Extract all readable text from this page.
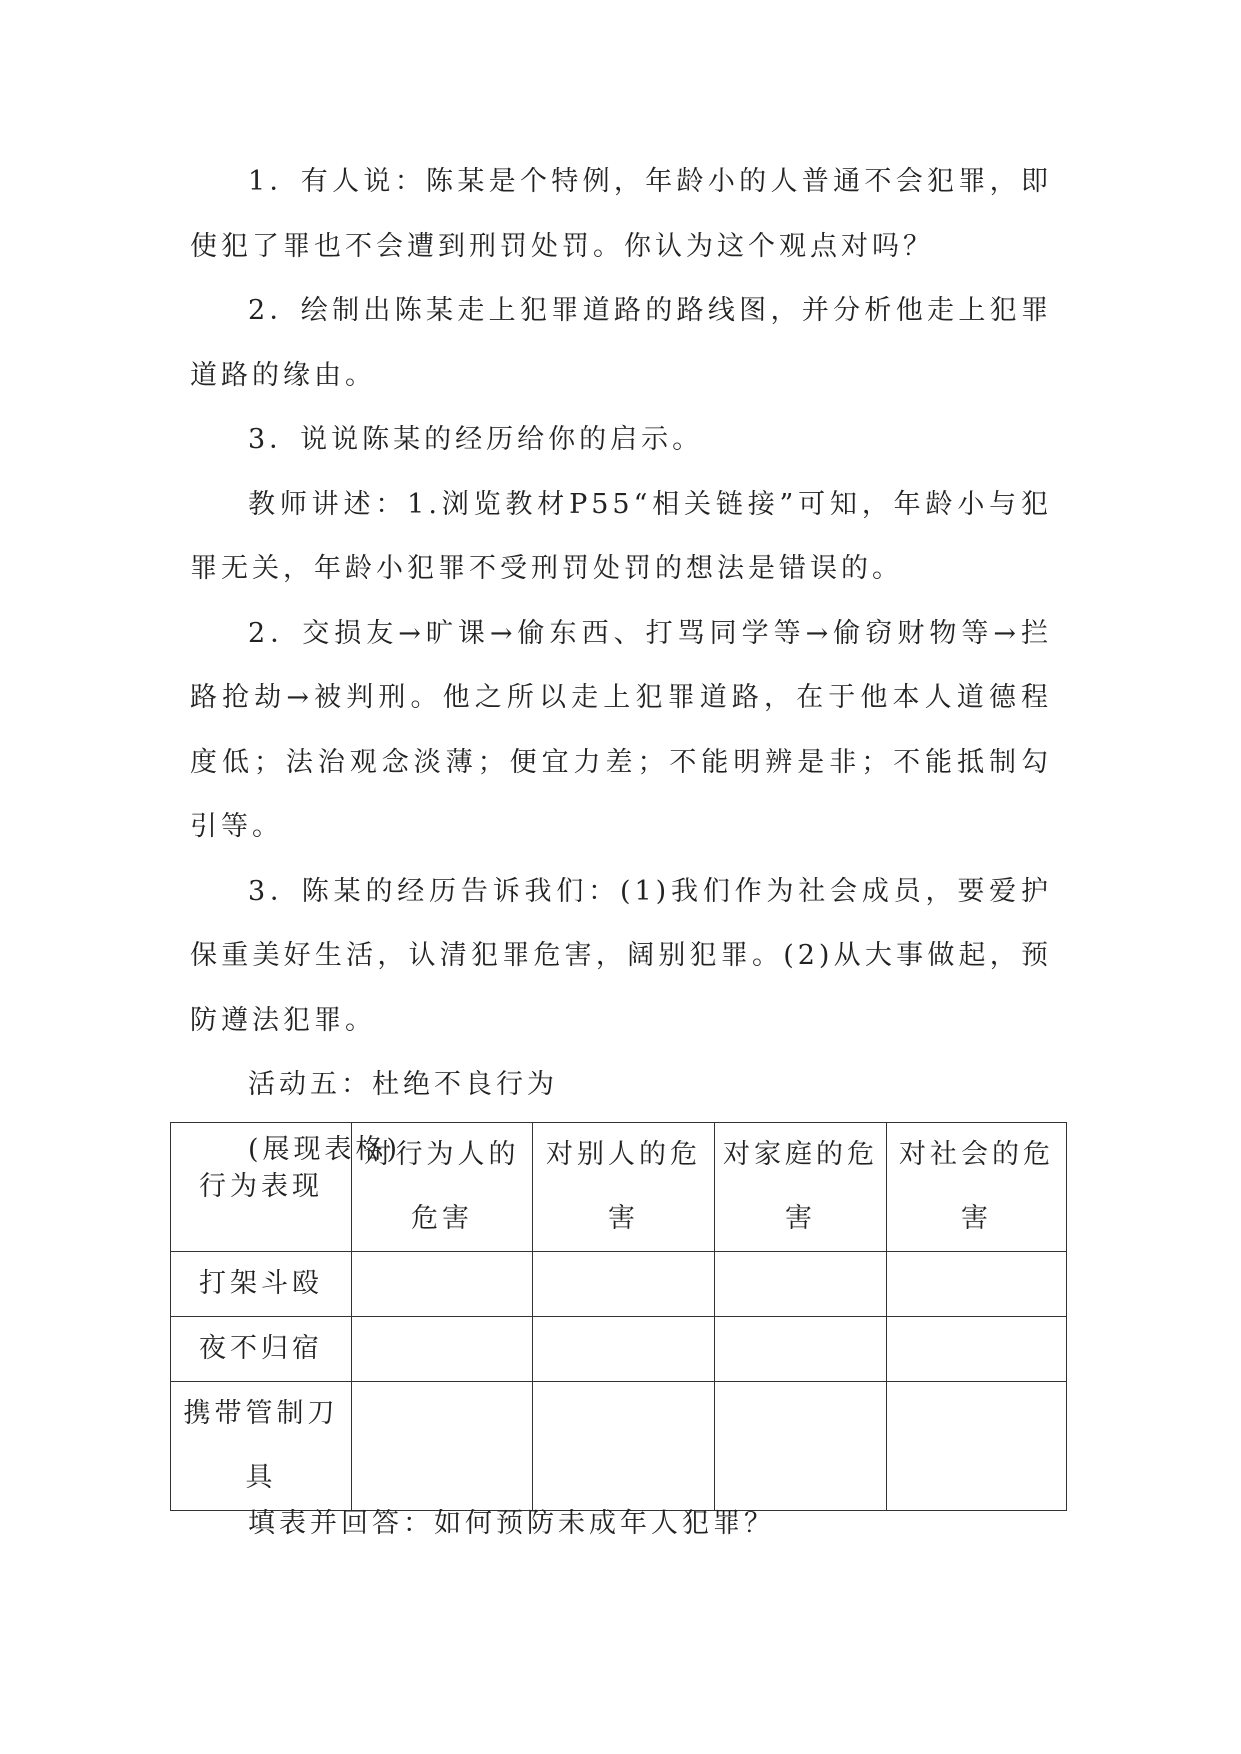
1．有人说：陈某是个特例，年龄小的人普通不会犯罪，即使犯了罪也不会遭到刑罚处罚。你认为这个观点对吗？

2．绘制出陈某走上犯罪道路的路线图，并分析他走上犯罪道路的缘由。

3．说说陈某的经历给你的启示。

教师讲述：1.浏览教材P55“相关链接”可知，年龄小与犯罪无关，年龄小犯罪不受刑罚处罚的想法是错误的。

2．交损友→旷课→偷东西、打骂同学等→偷窃财物等→拦路抢劫→被判刑。他之所以走上犯罪道路，在于他本人道德程度低；法治观念淡薄；便宜力差；不能明辨是非；不能抵制勾引等。

3．陈某的经历告诉我们：(1)我们作为社会成员，要爱护保重美好生活，认清犯罪危害，阔别犯罪。(2)从大事做起，预防遵法犯罪。

活动五：杜绝不良行为

(展现表格)

行为表现	对行为人的危害	对别人的危害	对家庭的危害	对社会的危害
打架斗殴				
夜不归宿				
携带管制刀具				

填表并回答：如何预防未成年人犯罪？
